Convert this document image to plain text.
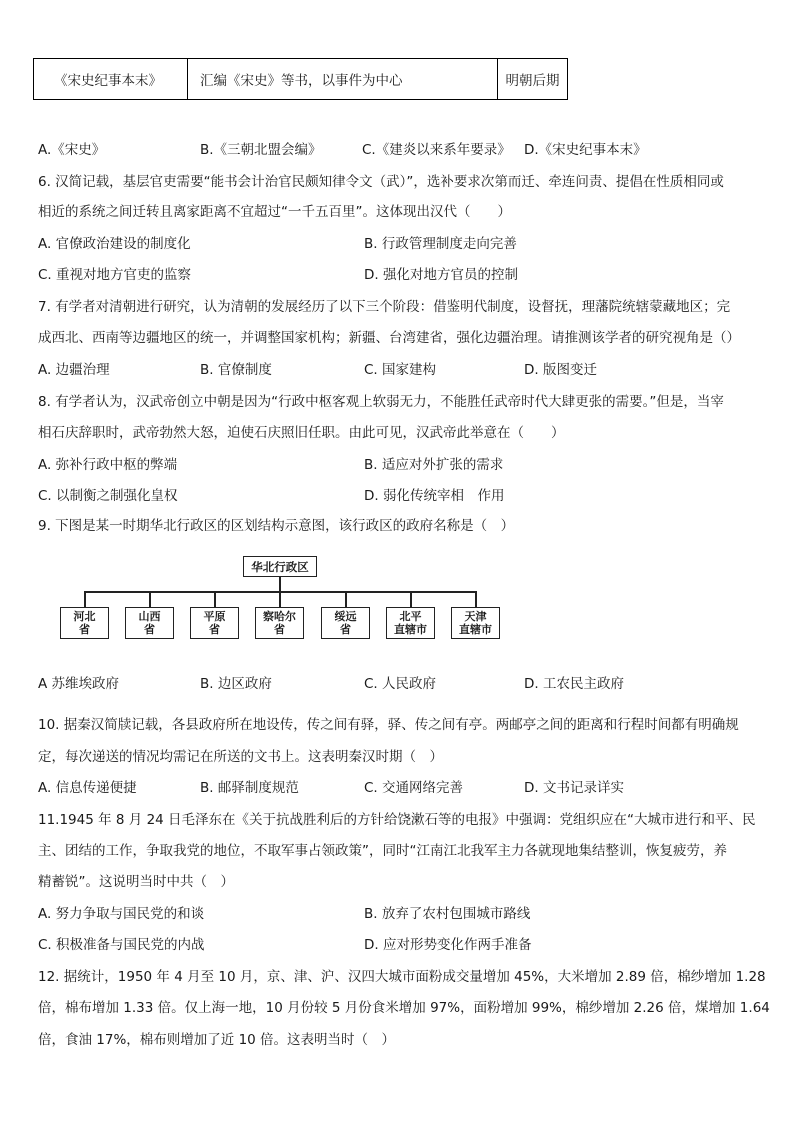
《宋史纪事本末》	汇编《宋史》等书，以事件为中心	明朝后期
A.《宋史》	B.《三朝北盟会编》	C.《建炎以来系年要录》 D.《宋史纪事本末》
6. 汉简记载，基层官吏需要“能书会计治官民颇知律令文（武）”，选补要求次第而迁、牵连问责、提倡在性质相同或
相近的系统之间迁转且离家距离不宜超过“一千五百里”。这体现出汉代（　　）
A. 官僚政治建设的制度化	B. 行政管理制度走向完善
C. 重视对地方官吏的监察	D. 强化对地方官员的控制
7. 有学者对清朝进行研究，认为清朝的发展经历了以下三个阶段：借鉴明代制度，设督抚，理藩院统辖蒙藏地区；完
成西北、西南等边疆地区的统一，并调整国家机构；新疆、台湾建省，强化边疆治理。请推测该学者的研究视角是（）
A. 边疆治理	B. 官僚制度	C. 国家建构	D. 版图变迁
8. 有学者认为，汉武帝创立中朝是因为“行政中枢客观上软弱无力，不能胜任武帝时代大肆更张的需要。”但是，当宰
相石庆辞职时，武帝勃然大怒，迫使石庆照旧任职。由此可见，汉武帝此举意在（　　）
A. 弥补行政中枢的弊端	B. 适应对外扩张的需求
C. 以制衡之制强化皇权	D. 弱化传统宰相　作用
9. 下图是某一时期华北行政区的区划结构示意图，该行政区的政府名称是（　）
华北行政区
河北
省
山西
省
平原
省
察哈尔
省
绥远
省
北平
直辖市
天津
直辖市
A 苏维埃政府	B. 边区政府	C. 人民政府	D. 工农民主政府
10. 据秦汉简牍记载，各县政府所在地设传，传之间有驿，驿、传之间有亭。两邮亭之间的距离和行程时间都有明确规
定，每次递送的情况均需记在所送的文书上。这表明秦汉时期（　）
A. 信息传递便捷	B. 邮驿制度规范	C. 交通网络完善	D. 文书记录详实
11.1945 年 8 月 24 日毛泽东在《关于抗战胜利后的方针给饶漱石等的电报》中强调：党组织应在“大城市进行和平、民
主、团结的工作，争取我党的地位，不取军事占领政策”，同时“江南江北我军主力各就现地集结整训，恢复疲劳，养
精蓄锐”。这说明当时中共（　）
A. 努力争取与国民党的和谈	B. 放弃了农村包围城市路线
C. 积极准备与国民党的内战	D. 应对形势变化作两手准备
12. 据统计，1950 年 4 月至 10 月，京、津、沪、汉四大城市面粉成交量增加 45%，大米增加 2.89 倍，棉纱增加 1.28
倍，棉布增加 1.33 倍。仅上海一地，10 月份较 5 月份食米增加 97%，面粉增加 99%，棉纱增加 2.26 倍，煤增加 1.64
倍，食油 17%，棉布则增加了近 10 倍。这表明当时（　）
